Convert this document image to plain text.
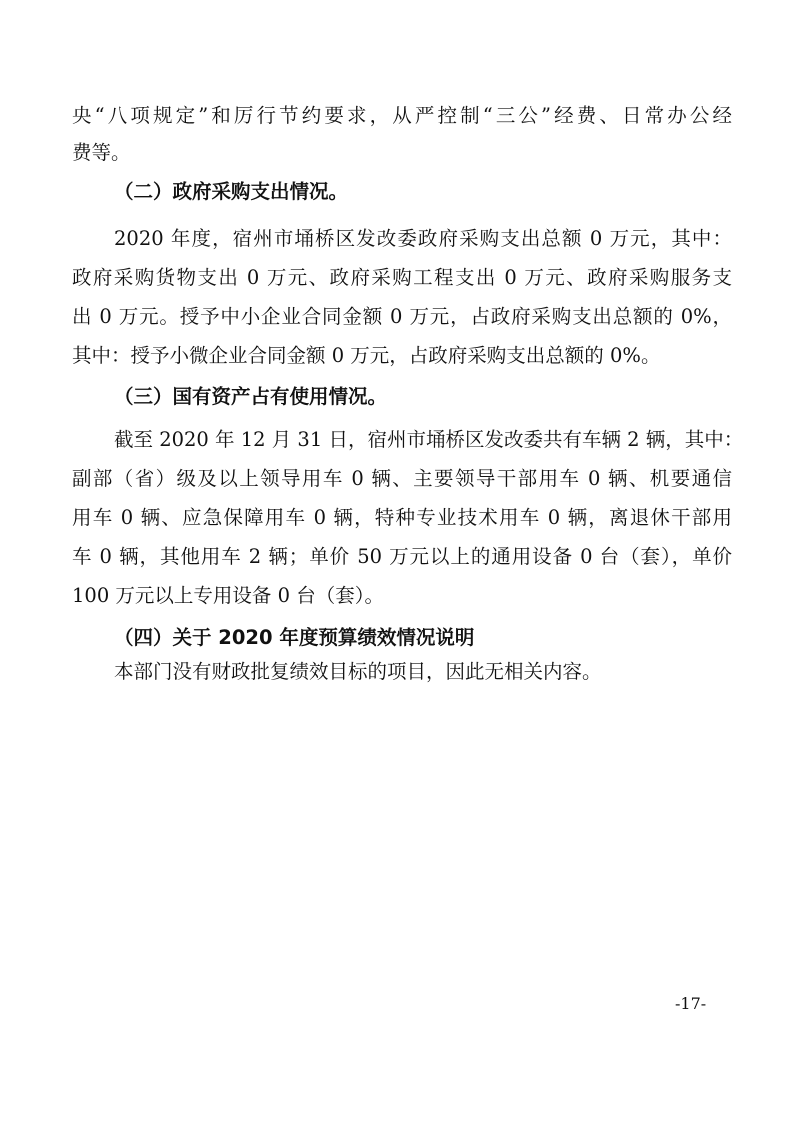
央“八项规定”和厉行节约要求，从严控制“三公”经费、日常办公经
费等。
（二）政府采购支出情况。
2020 年度，宿州市埇桥区发改委政府采购支出总额 0 万元，其中：
政府采购货物支出 0 万元、政府采购工程支出 0 万元、政府采购服务支
出 0 万元。授予中小企业合同金额 0 万元，占政府采购支出总额的 0%，
其中：授予小微企业合同金额 0 万元，占政府采购支出总额的 0%。
（三）国有资产占有使用情况。
截至 2020 年 12 月 31 日，宿州市埇桥区发改委共有车辆 2 辆，其中：
副部（省）级及以上领导用车 0 辆、主要领导干部用车 0 辆、机要通信
用车 0 辆、应急保障用车 0 辆，特种专业技术用车 0 辆，离退休干部用
车 0 辆，其他用车 2 辆；单价 50 万元以上的通用设备 0 台（套），单价
100 万元以上专用设备 0 台（套）。
（四）关于 2020 年度预算绩效情况说明
本部门没有财政批复绩效目标的项目，因此无相关内容。
-17-
